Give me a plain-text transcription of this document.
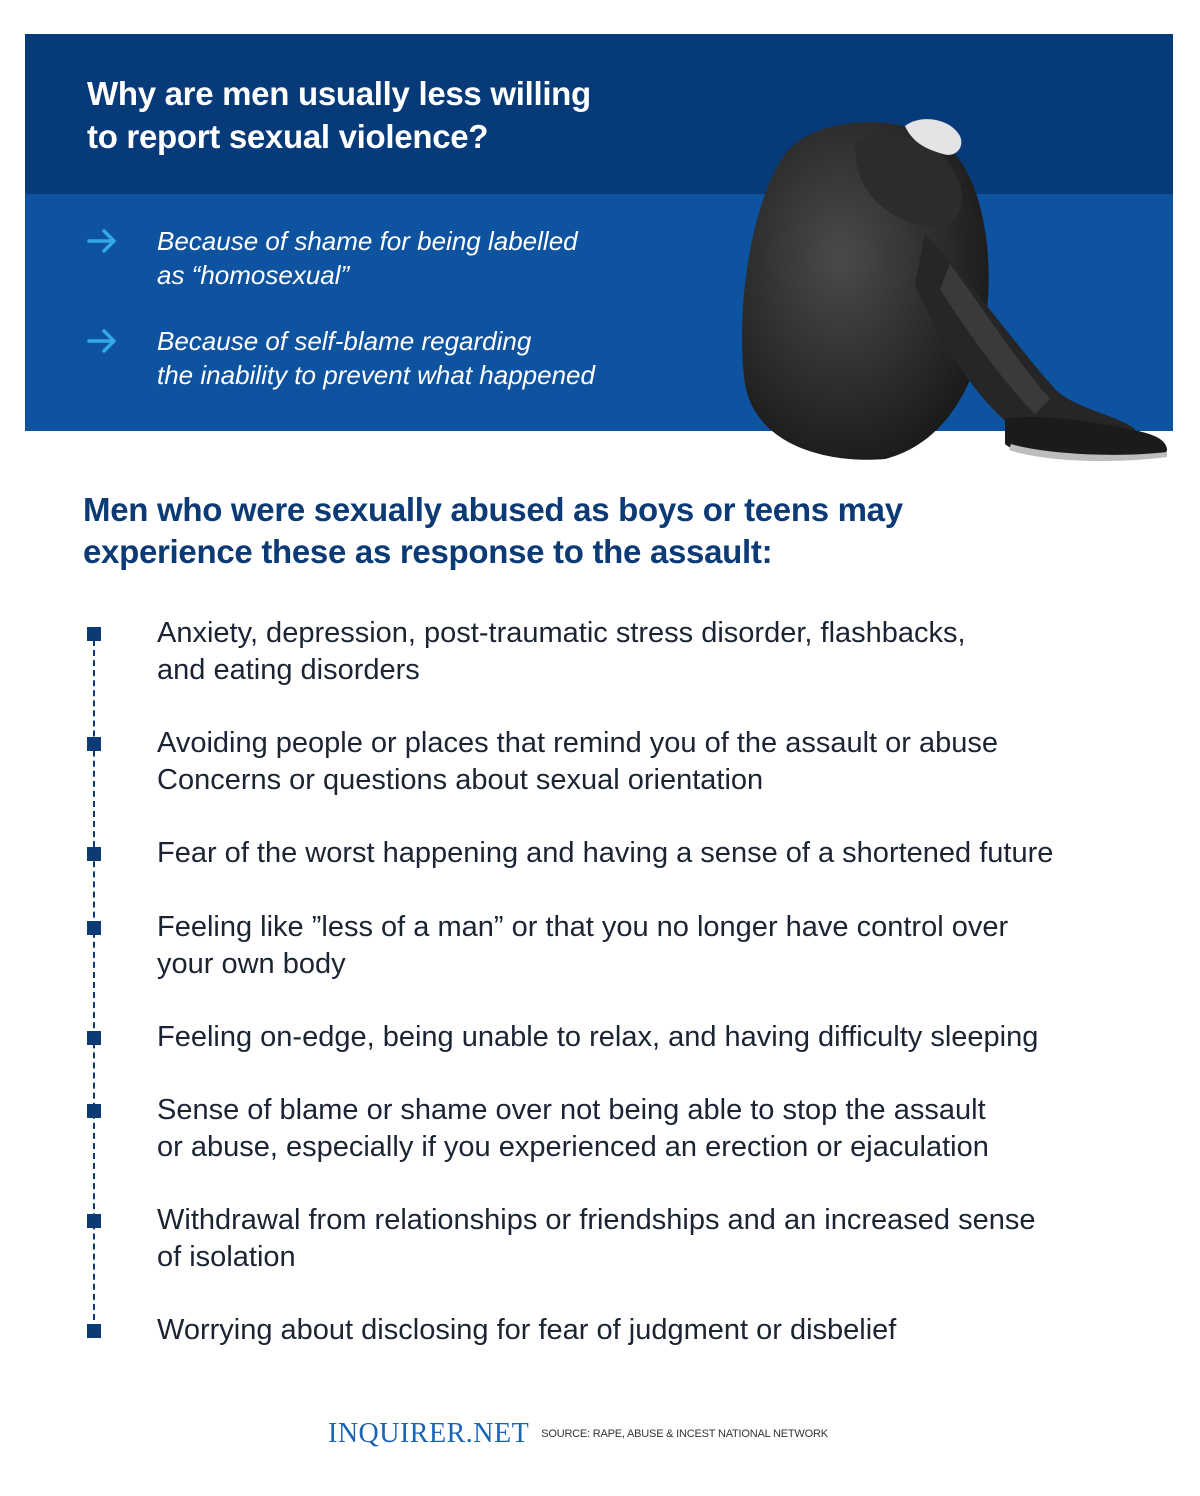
Why are men usually less willing
to report sexual violence?
Because of shame for being labelled
as “homosexual”
Because of self-blame regarding
the inability to prevent what happened
Men who were sexually abused as boys or teens may
experience these as response to the assault:
Anxiety, depression, post-traumatic stress disorder, flashbacks,
and eating disorders
Avoiding people or places that remind you of the assault or abuse
Concerns or questions about sexual orientation
Fear of the worst happening and having a sense of a shortened future
Feeling like ”less of a man” or that you no longer have control over
your own body
Feeling on-edge, being unable to relax, and having difficulty sleeping
Sense of blame or shame over not being able to stop the assault
or abuse, especially if you experienced an erection or ejaculation
Withdrawal from relationships or friendships and an increased sense
of isolation
Worrying about disclosing for fear of judgment or disbelief
INQUIRER.NET SOURCE: RAPE, ABUSE & INCEST NATIONAL NETWORK
